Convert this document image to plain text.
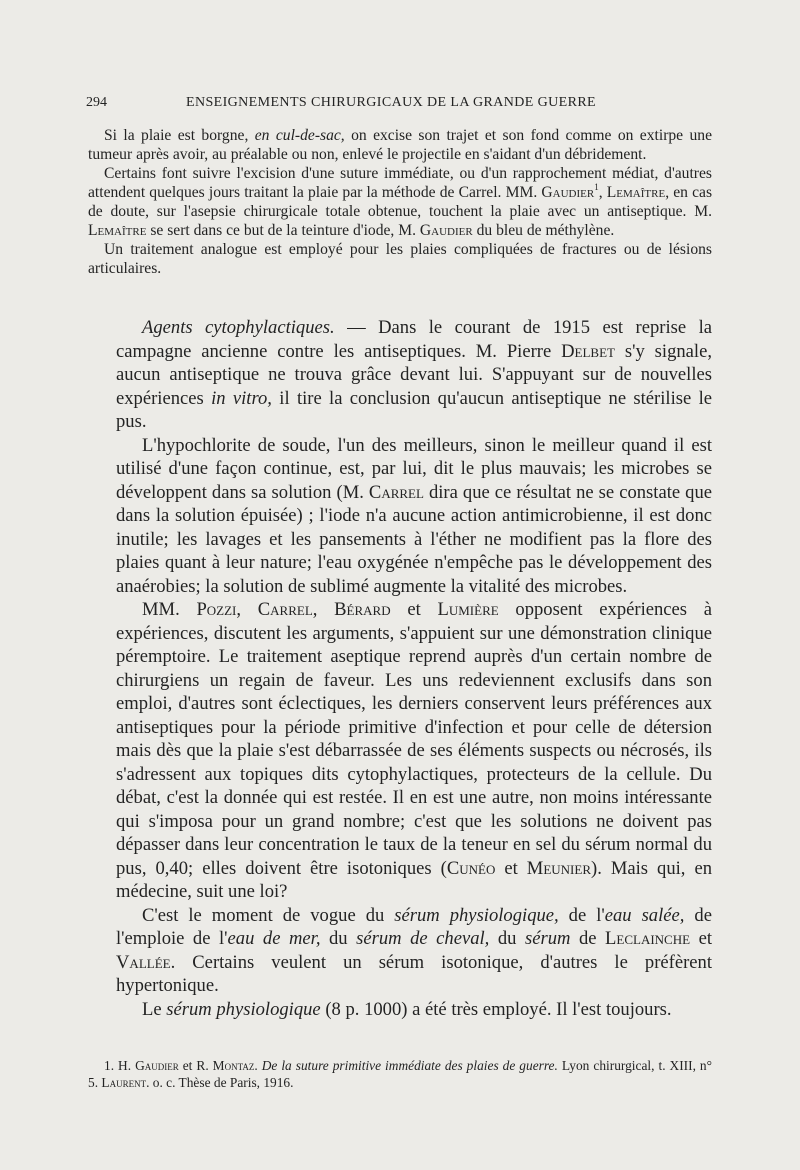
294	ENSEIGNEMENTS CHIRURGICAUX DE LA GRANDE GUERRE

Si la plaie est borgne, en cul-de-sac, on excise son trajet et son fond comme on extirpe une tumeur après avoir, au préalable ou non, enlevé le projectile en s'aidant d'un débridement.

Certains font suivre l'excision d'une suture immédiate, ou d'un rapprochement médiat, d'autres attendent quelques jours traitant la plaie par la méthode de Carrel. MM. Gaudier$^1$, Lemaître, en cas de doute, sur l'asepsie chirurgicale totale obtenue, touchent la plaie avec un antiseptique. M. Lemaître se sert dans ce but de la teinture d'iode, M. Gaudier du bleu de méthylène.

Un traitement analogue est employé pour les plaies compliquées de fractures ou de lésions articulaires.

Agents cytophylactiques. — Dans le courant de 1915 est reprise la campagne ancienne contre les antiseptiques. M. Pierre Delbet s'y signale, aucun antiseptique ne trouva grâce devant lui. S'appuyant sur de nouvelles expériences in vitro, il tire la conclusion qu'aucun antiseptique ne stérilise le pus.

L'hypochlorite de soude, l'un des meilleurs, sinon le meilleur quand il est utilisé d'une façon continue, est, par lui, dit le plus mauvais; les microbes se développent dans sa solution (M. Carrel dira que ce résultat ne se constate que dans la solution épuisée) ; l'iode n'a aucune action antimicrobienne, il est donc inutile; les lavages et les pansements à l'éther ne modifient pas la flore des plaies quant à leur nature; l'eau oxygénée n'empêche pas le développement des anaérobies; la solution de sublimé augmente la vitalité des microbes.

MM. Pozzi, Carrel, Bérard et Lumière opposent expériences à expériences, discutent les arguments, s'appuient sur une démonstration clinique péremptoire. Le traitement aseptique reprend auprès d'un certain nombre de chirurgiens un regain de faveur. Les uns redeviennent exclusifs dans son emploi, d'autres sont éclectiques, les derniers conservent leurs préférences aux antiseptiques pour la période primitive d'infection et pour celle de détersion mais dès que la plaie s'est débarrassée de ses éléments suspects ou nécrosés, ils s'adressent aux topiques dits cytophylactiques, protecteurs de la cellule. Du débat, c'est la donnée qui est restée. Il en est une autre, non moins intéressante qui s'imposa pour un grand nombre; c'est que les solutions ne doivent pas dépasser dans leur concentration le taux de la teneur en sel du sérum normal du pus, 0,40; elles doivent être isotoniques (Cunéo et Meunier). Mais qui, en médecine, suit une loi?

C'est le moment de vogue du sérum physiologique, de l'eau salée, de l'emploie de l'eau de mer, du sérum de cheval, du sérum de Leclainche et Vallée. Certains veulent un sérum isotonique, d'autres le préfèrent hypertonique.

Le sérum physiologique (8 p. 1000) a été très employé. Il l'est toujours.

1. H. Gaudier et R. Montaz. De la suture primitive immédiate des plaies de guerre. Lyon chirurgical, t. XIII, n° 5. Laurent. o. c. Thèse de Paris, 1916.
